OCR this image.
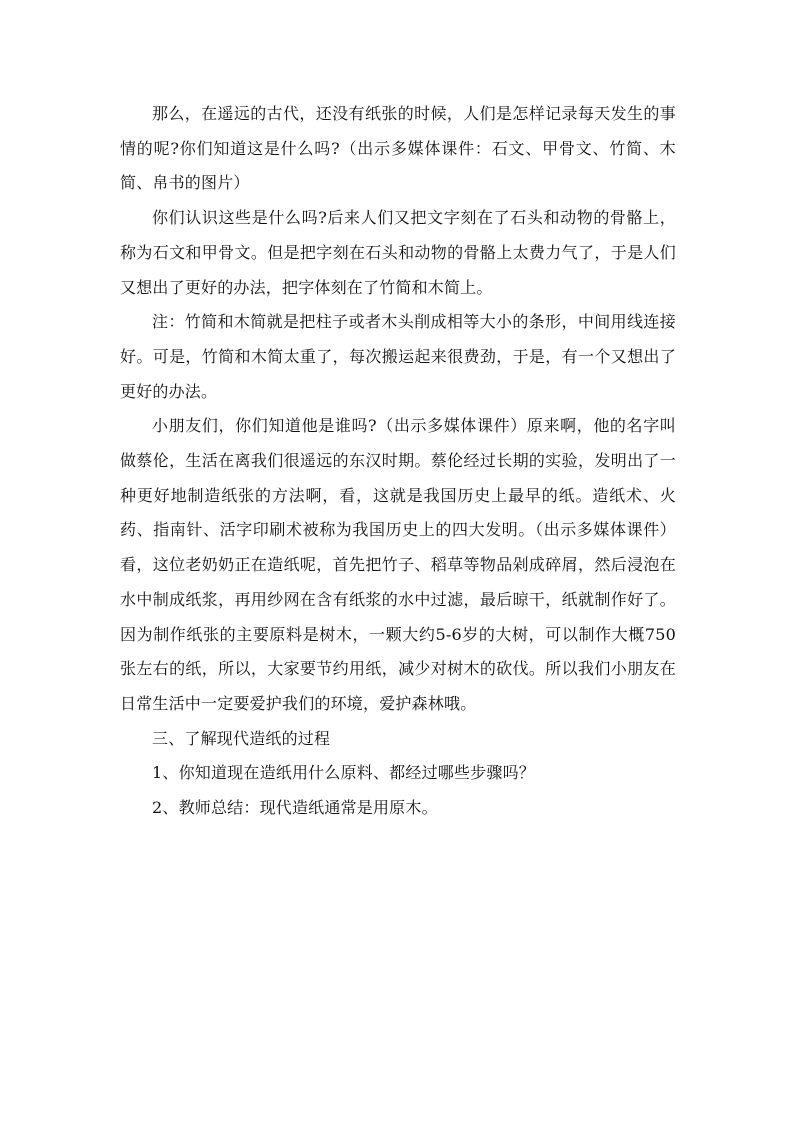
那么，在遥远的古代，还没有纸张的时候，人们是怎样记录每天发生的事情的呢?你们知道这是什么吗?（出示多媒体课件：石文、甲骨文、竹简、木简、帛书的图片）

你们认识这些是什么吗?后来人们又把文字刻在了石头和动物的骨骼上，称为石文和甲骨文。但是把字刻在石头和动物的骨骼上太费力气了，于是人们又想出了更好的办法，把字体刻在了竹简和木简上。

注：竹简和木简就是把柱子或者木头削成相等大小的条形，中间用线连接好。可是，竹简和木简太重了，每次搬运起来很费劲，于是，有一个又想出了更好的办法。

小朋友们，你们知道他是谁吗?（出示多媒体课件）原来啊，他的名字叫做蔡伦，生活在离我们很遥远的东汉时期。蔡伦经过长期的实验，发明出了一种更好地制造纸张的方法啊，看，这就是我国历史上最早的纸。造纸术、火药、指南针、活字印刷术被称为我国历史上的四大发明。（出示多媒体课件）看，这位老奶奶正在造纸呢，首先把竹子、稻草等物品剁成碎屑，然后浸泡在水中制成纸浆，再用纱网在含有纸浆的水中过滤，最后晾干，纸就制作好了。因为制作纸张的主要原料是树木，一颗大约5-6岁的大树，可以制作大概750张左右的纸，所以，大家要节约用纸，减少对树木的砍伐。所以我们小朋友在日常生活中一定要爱护我们的环境，爱护森林哦。

三、了解现代造纸的过程

1、你知道现在造纸用什么原料、都经过哪些步骤吗？

2、教师总结：现代造纸通常是用原木。
